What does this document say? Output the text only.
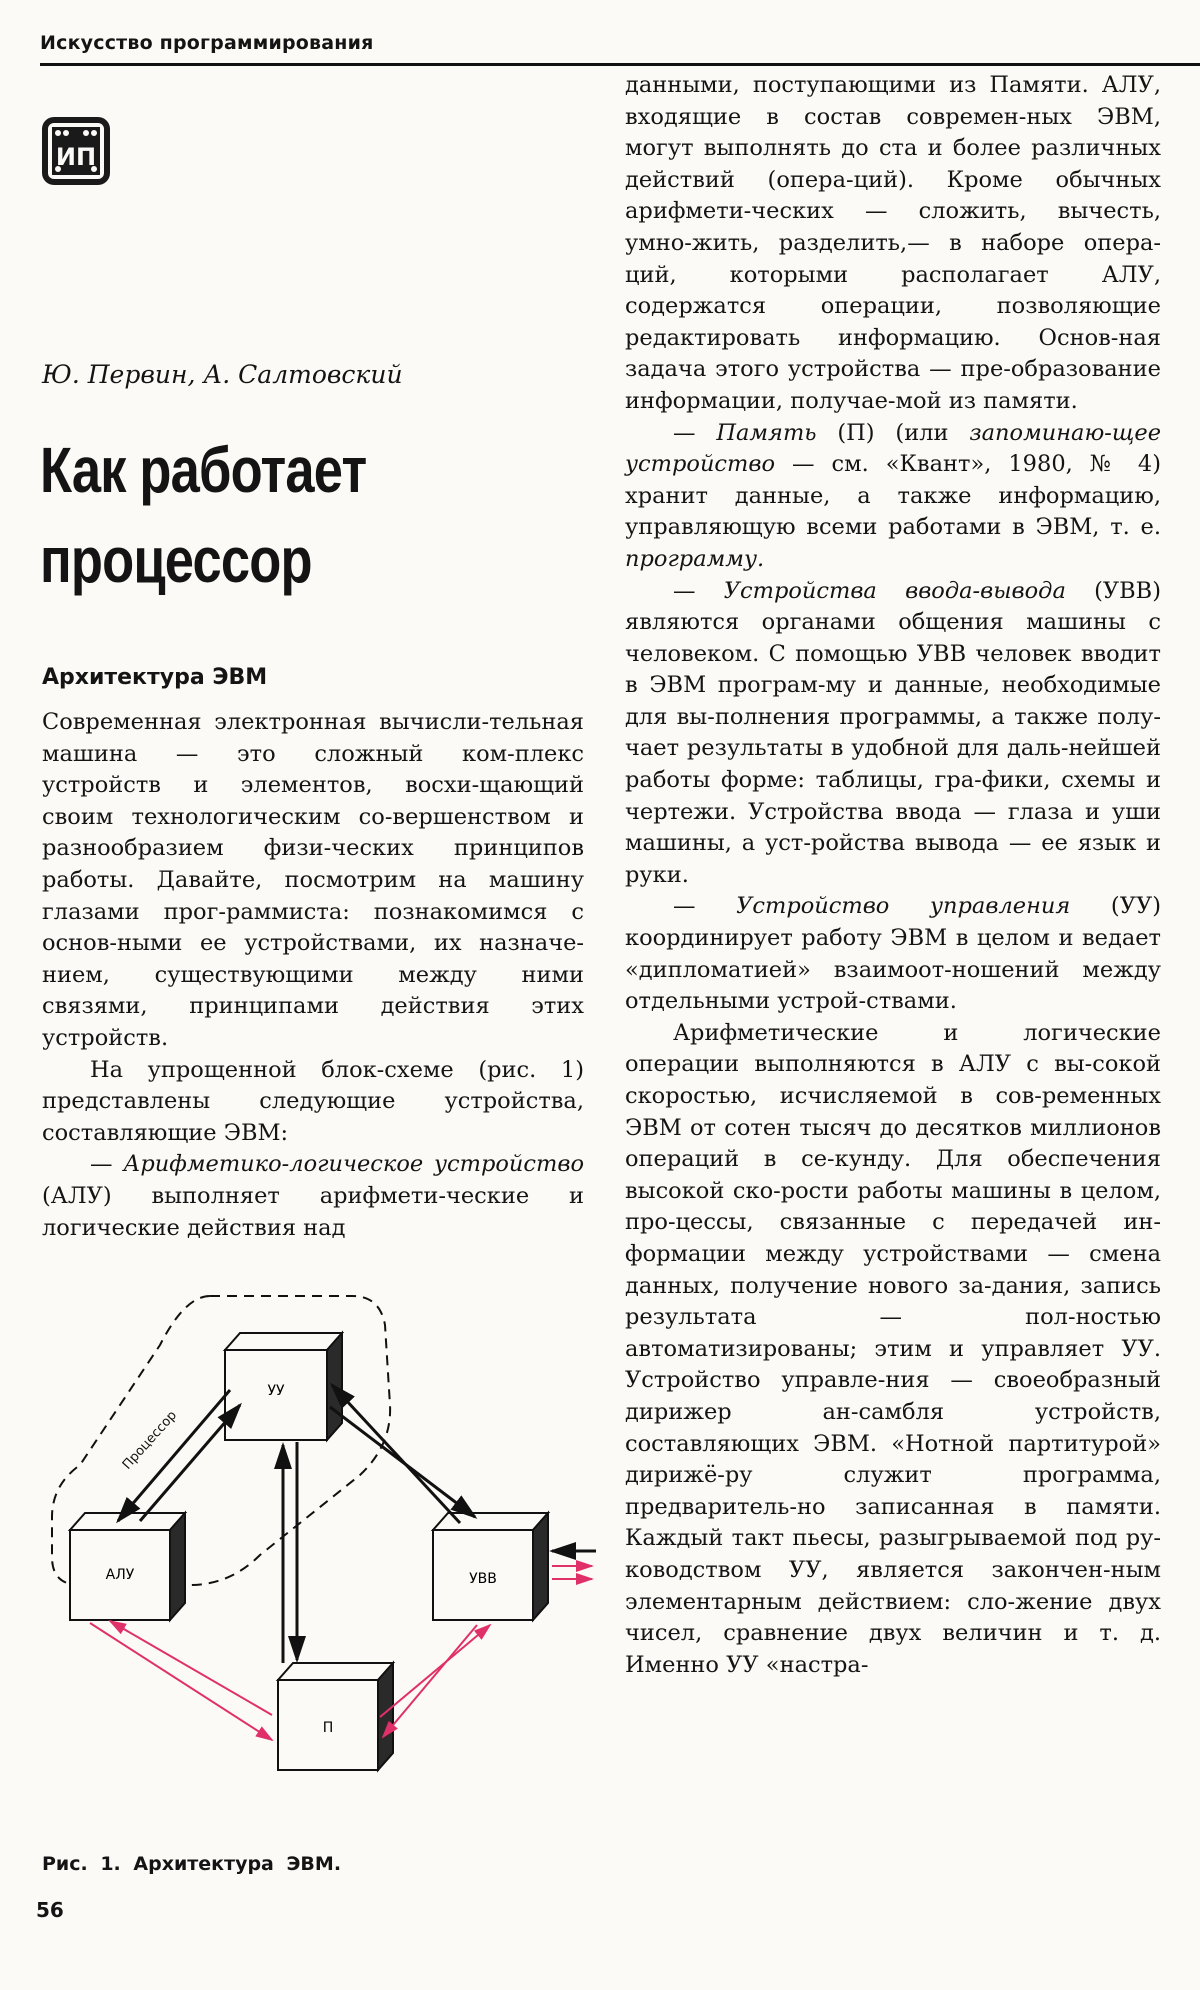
Искусство программирования
ИП
Ю. Первин, А. Салтовский
Как работает
процессор
Архитектура ЭВМ

Современная электронная вычисли-тельная машина — это сложный ком-плекс устройств и элементов, восхи-щающий своим технологическим со-вершенством и разнообразием физи-ческих принципов работы. Давайте, посмотрим на машину глазами прог-раммиста: познакомимся с основ-ными ее устройствами, их назначе-нием, существующими между ними связями, принципами действия этих устройств.

На упрощенной блок-схеме (рис. 1) представлены следующие устройства, составляющие ЭВМ:

— Арифметико-логическое устройство (АЛУ) выполняет арифмети-ческие и логические действия над

данными, поступающими из Памяти. АЛУ, входящие в состав современ-ных ЭВМ, могут выполнять до ста и более различных действий (опера-ций). Кроме обычных арифмети-ческих — сложить, вычесть, умно-жить, разделить,— в наборе опера-ций, которыми располагает АЛУ, содержатся операции, позволяющие редактировать информацию. Основ-ная задача этого устройства — пре-образование информации, получае-мой из памяти.

— Память (П) (или запоминаю-щее устройство — см. «Квант», 1980, № 4) хранит данные, а также информацию, управляющую всеми работами в ЭВМ, т. е. программу.

— Устройства ввода-вывода (УВВ) являются органами общения машины с человеком. С помощью УВВ человек вводит в ЭВМ програм-му и данные, необходимые для вы-полнения программы, а также полу-чает результаты в удобной для даль-нейшей работы форме: таблицы, гра-фики, схемы и чертежи. Устройства ввода — глаза и уши машины, а уст-ройства вывода — ее язык и руки.

— Устройство управления (УУ) координирует работу ЭВМ в целом и ведает «дипломатией» взаимоот-ношений между отдельными устрой-ствами.

Арифметические и логические операции выполняются в АЛУ с вы-сокой скоростью, исчисляемой в сов-ременных ЭВМ от сотен тысяч до десятков миллионов операций в се-кунду. Для обеспечения высокой ско-рости работы машины в целом, про-цессы, связанные с передачей ин-формации между устройствами — смена данных, получение нового за-дания, запись результата — пол-ностью автоматизированы; этим и управляет УУ. Устройство управле-ния — своеобразный дирижер ан-самбля устройств, составляющих ЭВМ. «Нотной партитурой» дирижё-ру служит программа, предваритель-но записанная в памяти. Каждый такт пьесы, разыгрываемой под ру-ководством УУ, является закончен-ным элементарным действием: сло-жение двух чисел, сравнение двух величин и т. д. Именно УУ «настра-

Процессор
УУ
АЛУ	УВВ
П
Рис. 1. Архитектура ЭВМ.
56
